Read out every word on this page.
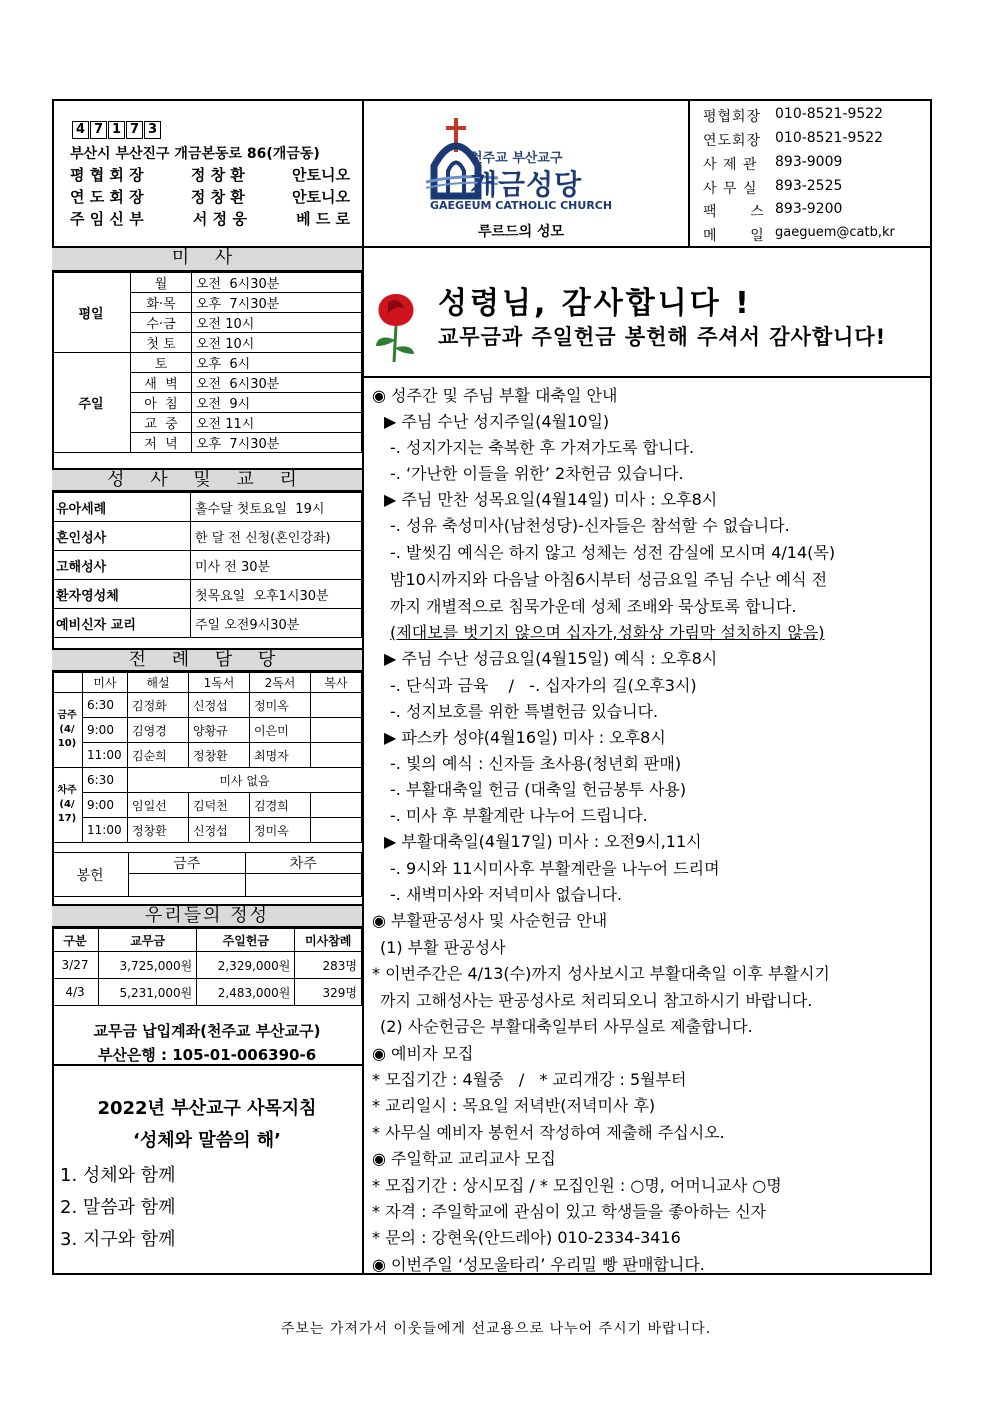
4 7 1 7 3
부산시 부산진구 개금본동로 86(개금동)
평 협 회 장	정 창 환	안토니오
연 도 회 장	정 창 환	안토니오
주 임 신 부	서 정 웅	베 드 로
천주교 부산교구
개금성당
GAEGEUM CATHOLIC CHURCH
루르드의 성모
평협회장 010-8521-9522
연도회장 010-8521-9522
사 제 관	893-9009
사 무 실	893-2525
팩      스 893-9200
메      일 gaeguem@catb,kr
미 사
평일	월	오전  6시30분
	화·목	오후  7시30분
	수·금	오전 10시
	첫 토	오전 10시
주일	토	오후  6시
	새  벽	오전  6시30분
	아  침	오전  9시
	교  중	오전 11시
	저  녁	오후  7시30분
성 사 및 교 리
유아세례	홀수달 첫토요일  19시
혼인성사	한 달 전 신청(혼인강좌)
고해성사	미사 전 30분
환자영성체	첫목요일  오후1시30분
예비신자 교리	주일 오전9시30분
전 례 담 당
	미사	해설	1독서	2독서	복사
금주(4/10)	6:30	김정화	신정섭	정미옥	
	9:00	김영경	양황규	이은미	
	11:00	김순희	정창환	최명자	
차주(4/17)	6:30	미사 없음			
	9:00	임일선	김덕천	김경희	
	11:00	정창환	신정섭	정미옥	
봉헌	금주	차주

우리들의 정성
구분	교무금	주일헌금	미사참례
3/27	3,725,000원	2,329,000원	283명
4/3	5,231,000원	2,483,000원	329명
교무금 납입계좌(천주교 부산교구)
부산은행 : 105-01-006390-6
2022년 부산교구 사목지침
‘성체와 말씀의 해’
1. 성체와 함께
2. 말씀과 함께
3. 지구와 함께
성령님, 감사합니다 !
교무금과 주일헌금 봉헌해 주셔서 감사합니다!
◉ 성주간 및 주님 부활 대축일 안내
▶ 주님 수난 성지주일(4월10일)
-. 성지가지는 축복한 후 가져가도록 합니다.
-. ‘가난한 이들을 위한’ 2차헌금 있습니다.
▶ 주님 만찬 성목요일(4월14일) 미사 : 오후8시
-. 성유 축성미사(남천성당)-신자들은 참석할 수 없습니다.
-. 발씻김 예식은 하지 않고 성체는 성전 감실에 모시며 4/14(목)
밤10시까지와 다음날 아침6시부터 성금요일 주님 수난 예식 전
까지 개별적으로 침묵가운데 성체 조배와 묵상토록 합니다.
(제대보를 벗기지 않으며 십자가,성화상 가림막 설치하지 않음)
▶ 주님 수난 성금요일(4월15일) 예식 : 오후8시
-. 단식과 금육    /   -. 십자가의 길(오후3시)
-. 성지보호를 위한 특별헌금 있습니다.
▶ 파스카 성야(4월16일) 미사 : 오후8시
-. 빛의 예식 : 신자들 초사용(청년회 판매)
-. 부활대축일 헌금 (대축일 헌금봉투 사용)
-. 미사 후 부활계란 나누어 드립니다.
▶ 부활대축일(4월17일) 미사 : 오전9시,11시
-. 9시와 11시미사후 부활계란을 나누어 드리며
-. 새벽미사와 저녁미사 없습니다.
◉ 부활판공성사 및 사순헌금 안내
(1) 부활 판공성사
* 이번주간은 4/13(수)까지 성사보시고 부활대축일 이후 부활시기
까지 고해성사는 판공성사로 처리되오니 참고하시기 바랍니다.
(2) 사순헌금은 부활대축일부터 사무실로 제출합니다.
◉ 예비자 모집
* 모집기간 : 4월중   /   * 교리개강 : 5월부터
* 교리일시 : 목요일 저녁반(저녁미사 후)
* 사무실 예비자 봉헌서 작성하여 제출해 주십시오.
◉ 주일학교 교리교사 모집
* 모집기간 : 상시모집 / * 모집인원 : ○명, 어머니교사 ○명
* 자격 : 주일학교에 관심이 있고 학생들을 좋아하는 신자
* 문의 : 강현욱(안드레아) 010-2334-3416
◉ 이번주일 ‘성모울타리’ 우리밀 빵 판매합니다.
주보는 가져가서 이웃들에게 선교용으로 나누어 주시기 바랍니다.
